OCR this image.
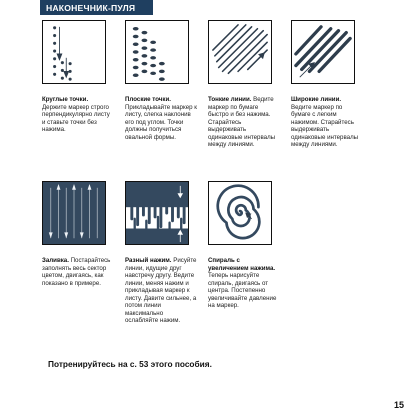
НАКОНЕЧНИК-ПУЛЯ
Круглые точки. Держите маркер строго перпендикулярно листу и ставьте точки без нажима.
Плоские точки. Прикладывайте маркер к листу, слегка наклонив его под углом. Точки должны получиться овальной формы.
Тонкие линии. Ведите маркер по бумаге быстро и без нажима. Старайтесь выдерживать одинаковые интервалы между линиями.
Широкие линии. Ведите маркер по бумаге с легким нажимом. Старайтесь выдерживать одинаковые интервалы между линиями.
Заливка. Постарайтесь заполнять весь сектор цветом, двигаясь, как показано в примере.
Разный нажим. Рисуйте линии, идущие друг навстречу другу. Ведите линии, меняя нажим и прикладывая маркер к листу. Давите сильнее, а потом линии максимально ослабляйте нажим.
Спираль с увеличением нажима. Теперь нарисуйте спираль, двигаясь от центра. Постепенно увеличивайте давление на маркер.
Потренируйтесь на с. 53 этого пособия.
15
